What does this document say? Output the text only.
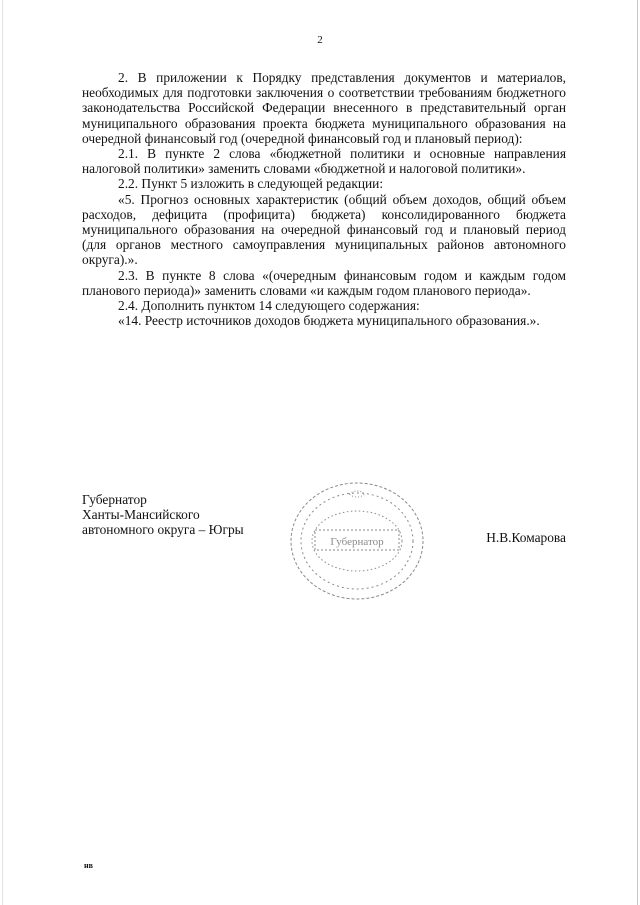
2

2. В приложении к Порядку представления документов и материалов, необходимых для подготовки заключения о соответствии требованиям бюджетного законодательства Российской Федерации внесенного в представительный орган муниципального образования проекта бюджета муниципального образования на очередной финансовый год (очередной финансовый год и плановый период):

2.1. В пункте 2 слова «бюджетной политики и основные направления налоговой политики» заменить словами «бюджетной и налоговой политики».

2.2. Пункт 5 изложить в следующей редакции:

«5. Прогноз основных характеристик (общий объем доходов, общий объем расходов, дефицита (профицита) бюджета) консолидированного бюджета муниципального образования на очередной финансовый год и плановый период (для органов местного самоуправления муниципальных районов автономного округа).».

2.3. В пункте 8 слова «(очередным финансовым годом и каждым годом планового периода)» заменить словами «и каждым годом планового периода».

2.4. Дополнить пунктом 14 следующего содержания:

«14. Реестр источников доходов бюджета муниципального образования.».

Губернатор
Ханты-Мансийского
автономного округа – Югры
Губернатор	Н.В.Комарова
нв
